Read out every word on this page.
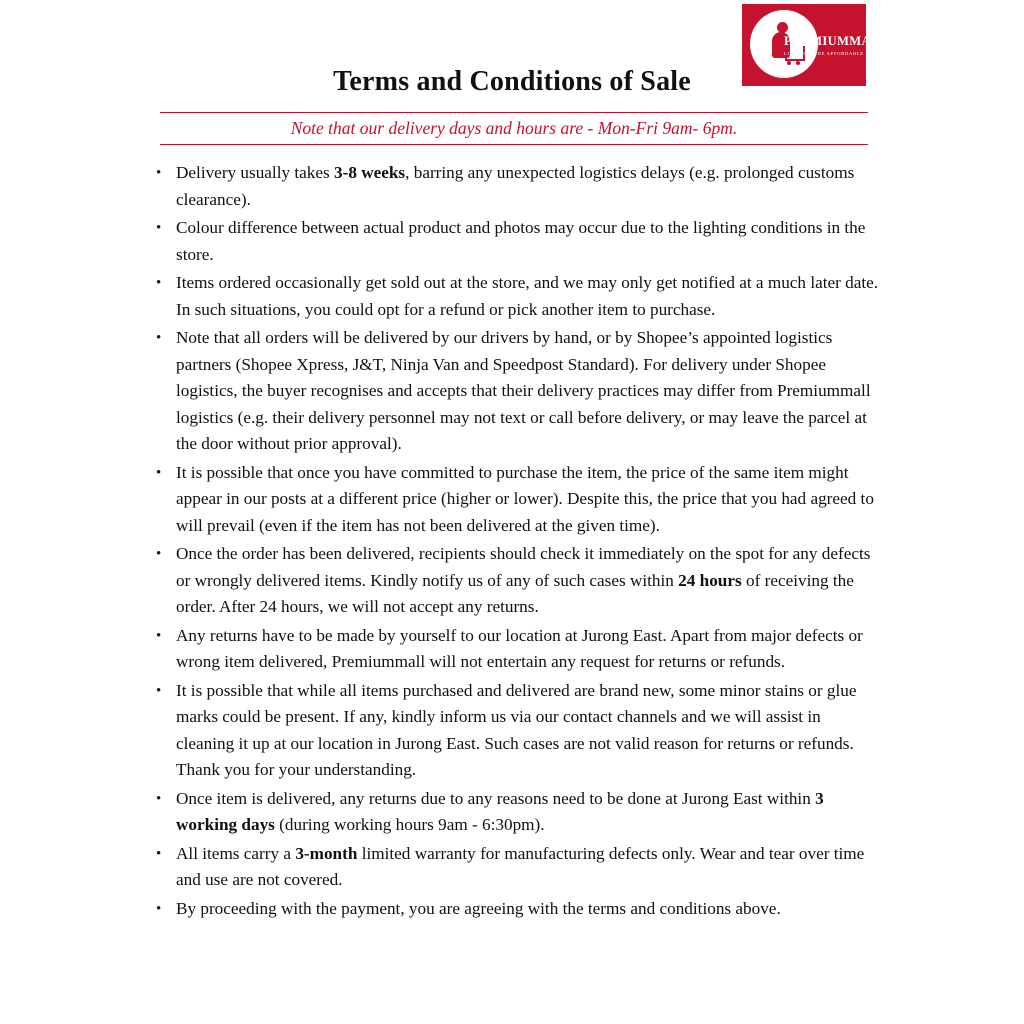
PREMIUMMALL
LUXURY MADE AFFORDABLE
Terms and Conditions of Sale
Note that our delivery days and hours are - Mon-Fri 9am- 6pm.
• Delivery usually takes 3-8 weeks, barring any unexpected logistics delays (e.g. prolonged customs clearance).
• Colour difference between actual product and photos may occur due to the lighting conditions in the store.
• Items ordered occasionally get sold out at the store, and we may only get notified at a much later date. In such situations, you could opt for a refund or pick another item to purchase.
• Note that all orders will be delivered by our drivers by hand, or by Shopee’s appointed logistics partners (Shopee Xpress, J&T, Ninja Van and Speedpost Standard). For delivery under Shopee logistics, the buyer recognises and accepts that their delivery practices may differ from Premiummall logistics (e.g. their delivery personnel may not text or call before delivery, or may leave the parcel at the door without prior approval).
• It is possible that once you have committed to purchase the item, the price of the same item might appear in our posts at a different price (higher or lower). Despite this, the price that you had agreed to will prevail (even if the item has not been delivered at the given time).
• Once the order has been delivered, recipients should check it immediately on the spot for any defects or wrongly delivered items. Kindly notify us of any of such cases within 24 hours of receiving the order. After 24 hours, we will not accept any returns.
• Any returns have to be made by yourself to our location at Jurong East. Apart from major defects or wrong item delivered, Premiummall will not entertain any request for returns or refunds.
• It is possible that while all items purchased and delivered are brand new, some minor stains or glue marks could be present. If any, kindly inform us via our contact channels and we will assist in cleaning it up at our location in Jurong East. Such cases are not valid reason for returns or refunds. Thank you for your understanding.
• Once item is delivered, any returns due to any reasons need to be done at Jurong East within 3 working days (during working hours 9am - 6:30pm).
• All items carry a 3-month limited warranty for manufacturing defects only. Wear and tear over time and use are not covered.
• By proceeding with the payment, you are agreeing with the terms and conditions above.
